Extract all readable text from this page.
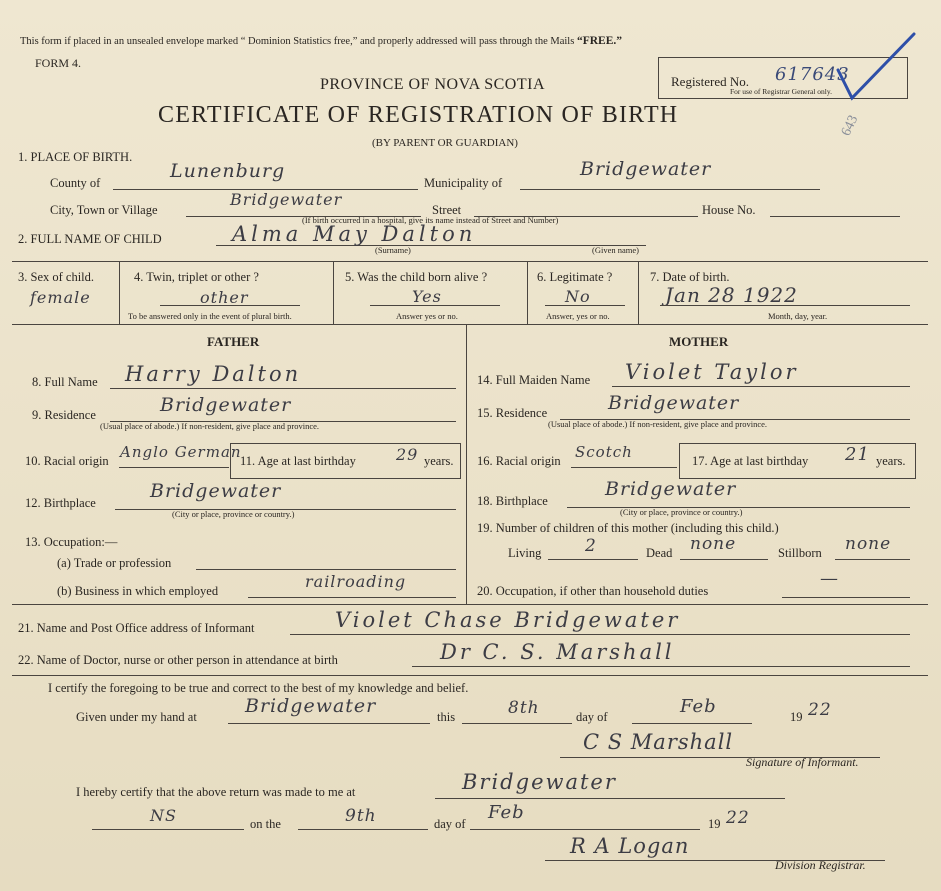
This form if placed in an unsealed envelope marked “ Dominion Statistics free,” and properly addressed will pass through the Mails “FREE.”
FORM 4.
PROVINCE OF NOVA SCOTIA
CERTIFICATE OF REGISTRATION OF BIRTH
(BY PARENT OR GUARDIAN)
Registered No. 617643
For use of Registrar General only.
643
1. PLACE OF BIRTH.
County of
Lunenburg
Municipality of
Bridgewater
City, Town or Village
Bridgewater
Street	House No.
(If birth occurred in a hospital, give its name instead of Street and Number)
2. FULL NAME OF CHILD	Alma May Dalton
(Surname)	(Given name)
3. Sex of child.
female
4. Twin, triplet or other ?
other
To be answered only in the event of plural birth.
5. Was the child born alive ?
Yes
Answer yes or no.
6. Legitimate ?
No
Answer, yes or no.
7. Date of birth.
Jan 28 1922
Month, day, year.
FATHER	MOTHER
8. Full Name Harry Dalton
9. Residence	Bridgewater
(Usual place of abode.) If non-resident, give place and province.
10. Racial origin Anglo German
11. Age at last birthday	29 years.
12. Birthplace
Bridgewater
(City or place, province or country.)
13. Occupation:—
(a) Trade or profession
(b) Business in which employed	railroading
14. Full Maiden Name Violet Taylor
15. Residence	Bridgewater
(Usual place of abode.) If non-resident, give place and province.
16. Racial origin Scotch	17. Age at last birthday 21 years.
18. Birthplace
Bridgewater
(City or place, province or country.)
19. Number of children of this mother (including this child.)
Living	2	Dead none	Stillborn none
20. Occupation, if other than household duties
—
21. Name and Post Office address of Informant	Violet Chase Bridgewater
22. Name of Doctor, nurse or other person in attendance at birth	Dr C. S. Marshall
I certify the foregoing to be true and correct to the best of my knowledge and belief.
Given under my hand at	Bridgewater	this	8th	day of	Feb	19 22
C S Marshall
Signature of Informant.
I hereby certify that the above return was made to me at	Bridgewater
NS	on the	9th	day of
Feb
19 22
R A Logan
Division Registrar.
